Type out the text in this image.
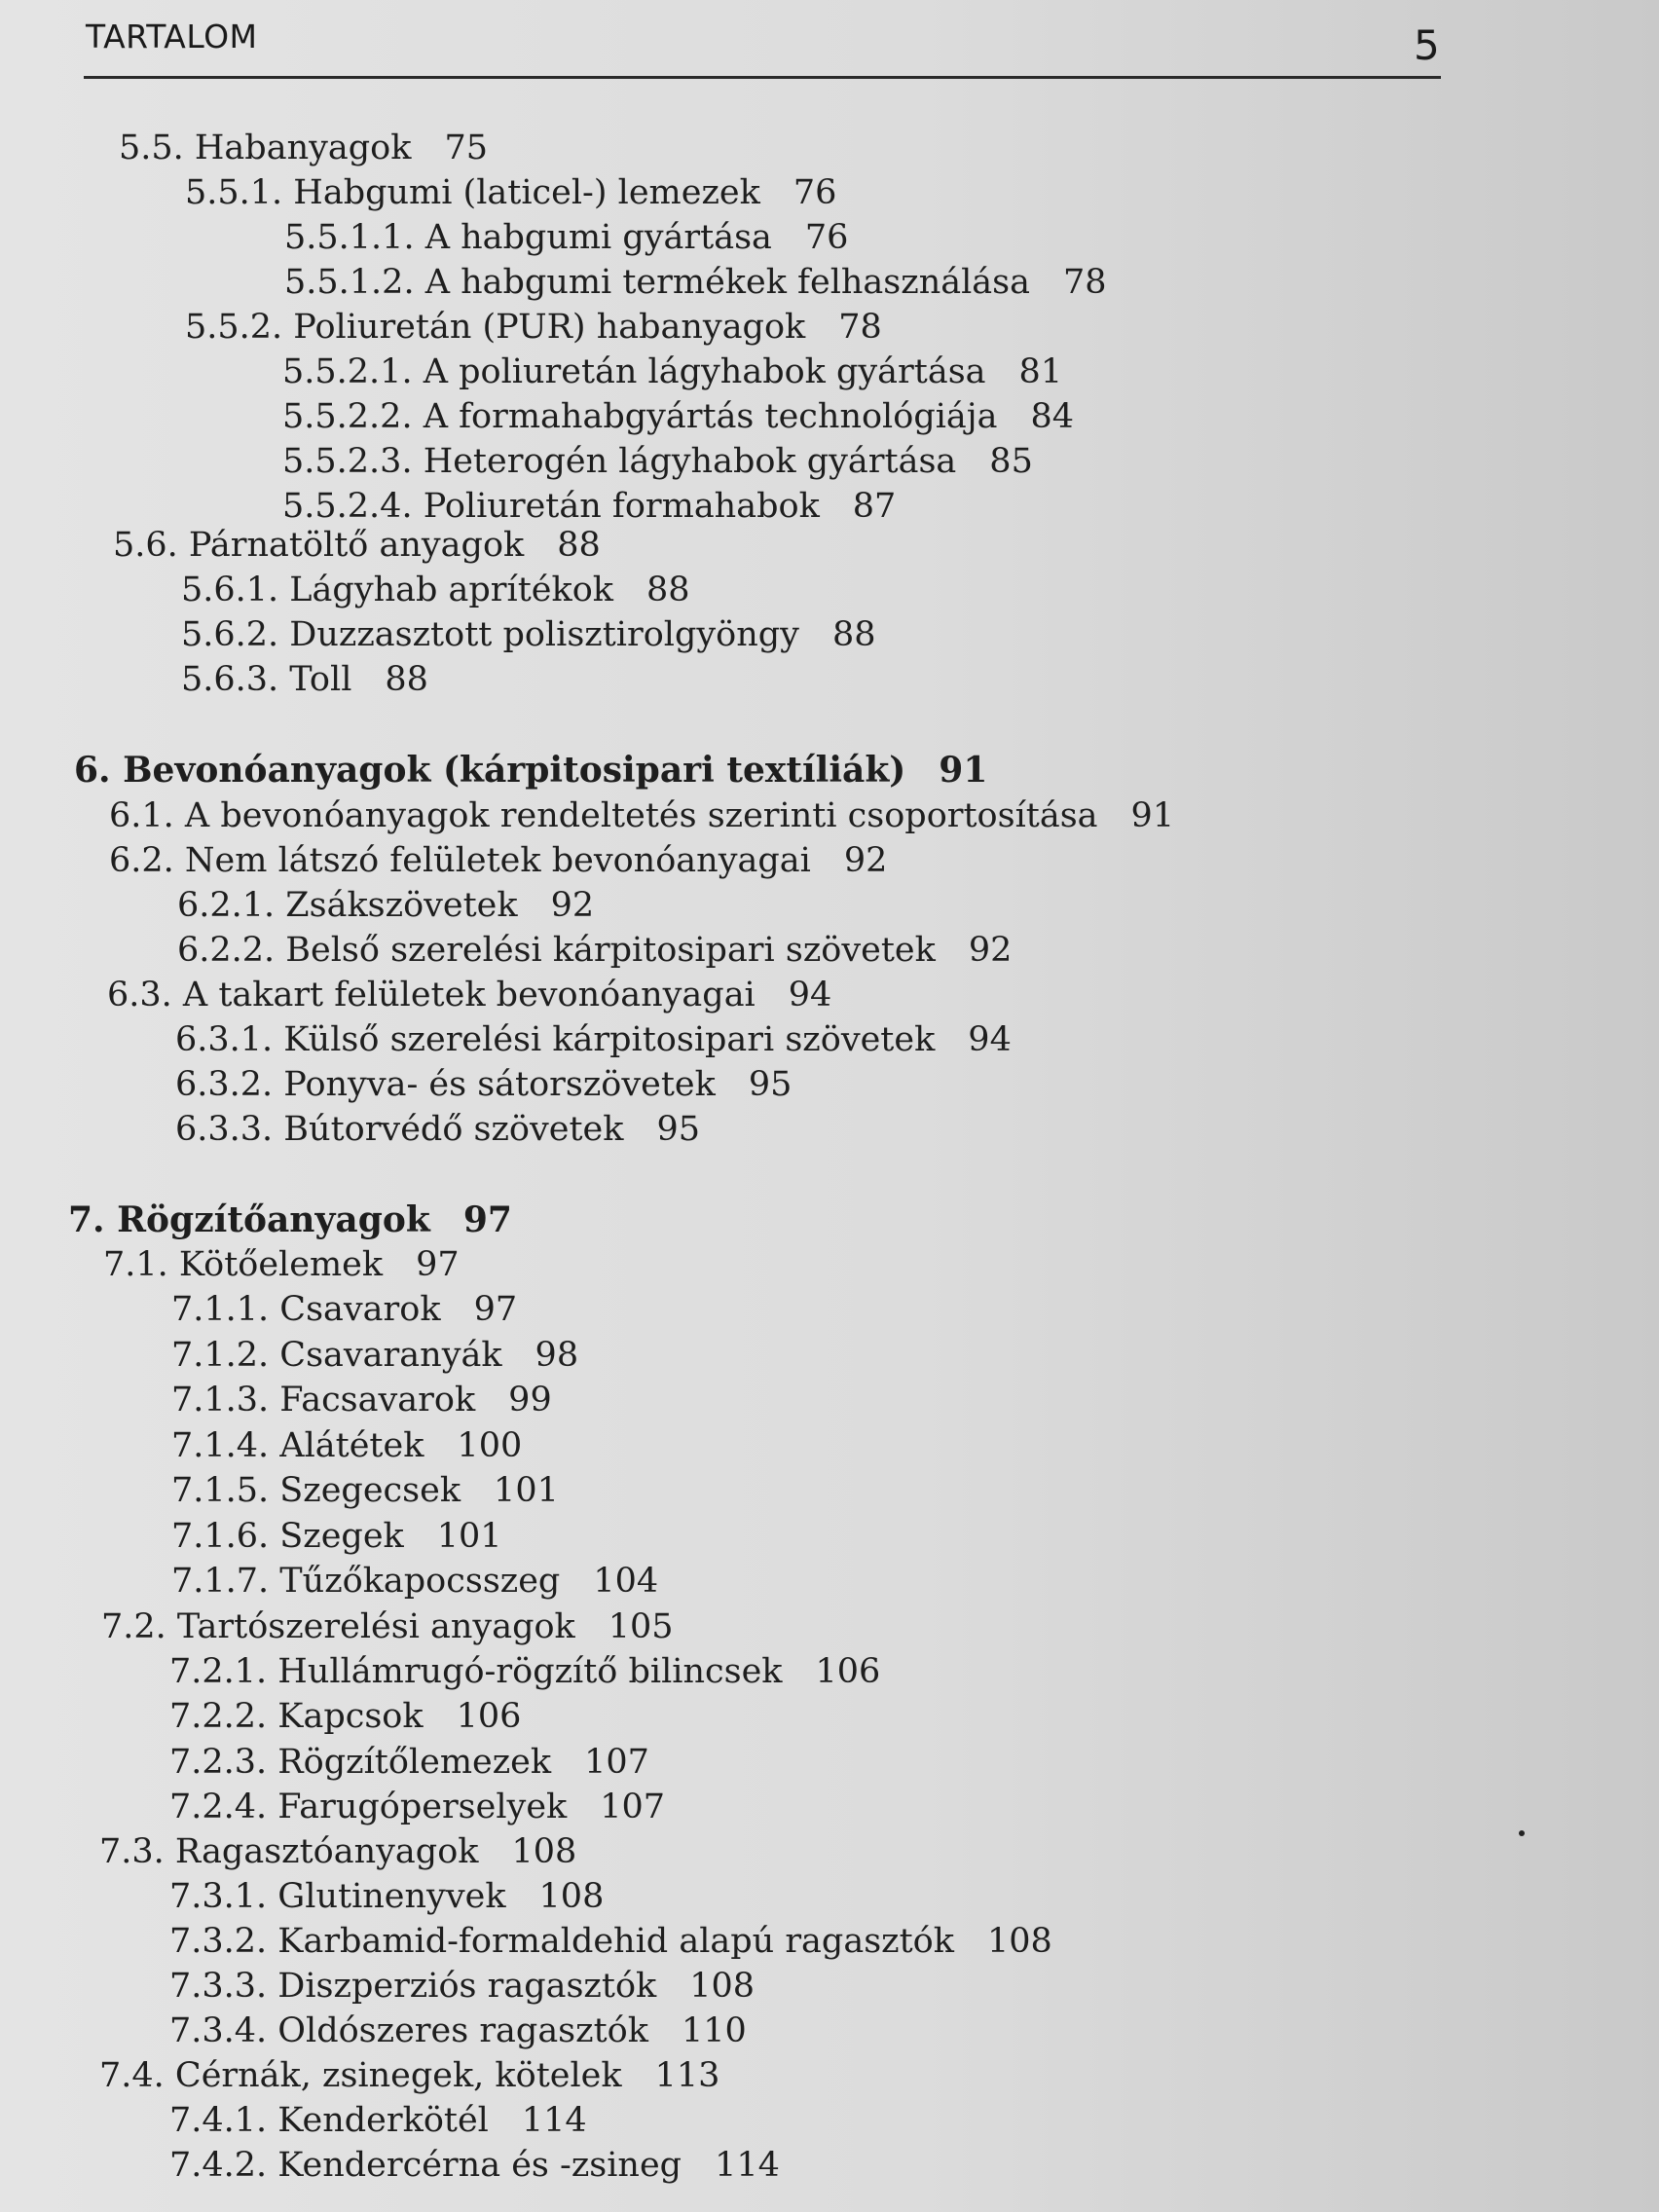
TARTALOM	5
5.5. Habanyagok 75
5.5.1. Habgumi (laticel-) lemezek 76
5.5.1.1. A habgumi gyártása 76
5.5.1.2. A habgumi termékek felhasználása 78
5.5.2. Poliuretán (PUR) habanyagok 78
5.5.2.1. A poliuretán lágyhabok gyártása 81
5.5.2.2. A formahabgyártás technológiája 84
5.5.2.3. Heterogén lágyhabok gyártása 85
5.5.2.4. Poliuretán formahabok 87
5.6. Párnatöltő anyagok 88
5.6.1. Lágyhab aprítékok 88
5.6.2. Duzzasztott polisztirolgyöngy 88
5.6.3. Toll 88
6. Bevonóanyagok (kárpitosipari textíliák) 91
6.1. A bevonóanyagok rendeltetés szerinti csoportosítása 91
6.2. Nem látszó felületek bevonóanyagai 92
6.2.1. Zsákszövetek 92
6.2.2. Belső szerelési kárpitosipari szövetek 92
6.3. A takart felületek bevonóanyagai 94
6.3.1. Külső szerelési kárpitosipari szövetek 94
6.3.2. Ponyva- és sátorszövetek 95
6.3.3. Bútorvédő szövetek 95
7. Rögzítőanyagok 97
7.1. Kötőelemek 97
7.1.1. Csavarok 97
7.1.2. Csavaranyák 98
7.1.3. Facsavarok 99
7.1.4. Alátétek 100
7.1.5. Szegecsek 101
7.1.6. Szegek 101
7.1.7. Tűzőkapocsszeg 104
7.2. Tartószerelési anyagok 105
7.2.1. Hullámrugó-rögzítő bilincsek 106
7.2.2. Kapcsok 106
7.2.3. Rögzítőlemezek 107
7.2.4. Farugóperselyek 107
7.3. Ragasztóanyagok 108
7.3.1. Glutinenyvek 108
7.3.2. Karbamid-formaldehid alapú ragasztók 108
7.3.3. Diszperziós ragasztók 108
7.3.4. Oldószeres ragasztók 110
7.4. Cérnák, zsinegek, kötelek 113
7.4.1. Kenderkötél 114
7.4.2. Kendercérna és -zsineg 114
